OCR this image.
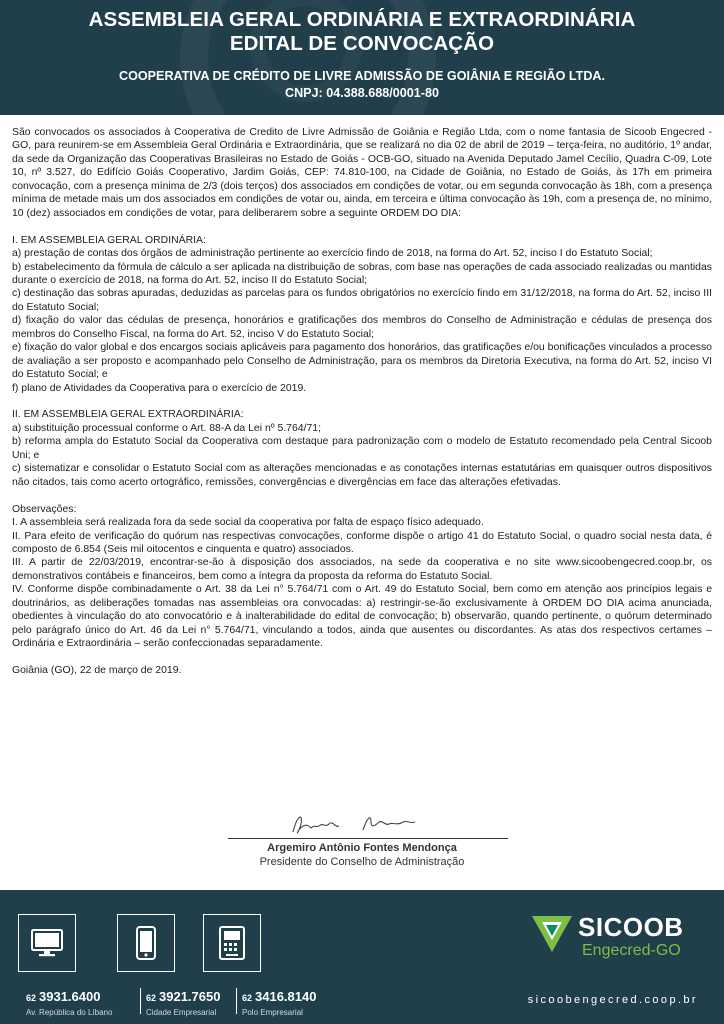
ASSEMBLEIA GERAL ORDINÁRIA E EXTRAORDINÁRIA
EDITAL DE CONVOCAÇÃO
COOPERATIVA DE CRÉDITO DE LIVRE ADMISSÃO DE GOIÂNIA E REGIÃO LTDA.
CNPJ: 04.388.688/0001-80

São convocados os associados à Cooperativa de Credito de Livre Admissão de Goiânia e Região Ltda, com o nome fantasia de Sicoob Engecred - GO, para reunirem-se em Assembleia Geral Ordinária e Extraordinária, que se realizará no dia 02 de abril de 2019 – terça-feira, no auditório, 1º andar, da sede da Organização das Cooperativas Brasileiras no Estado de Goiás - OCB-GO, situado na Avenida Deputado Jamel Cecílio, Quadra C-09, Lote 10, nº 3.527, do Edifício Goiás Cooperativo, Jardim Goiás, CEP: 74.810-100, na Cidade de Goiânia, no Estado de Goiás, às 17h em primeira convocação, com a presença mínima de 2/3 (dois terços) dos associados em condições de votar, ou em segunda convocação às 18h, com a presença mínima de metade mais um dos associados em condições de votar ou, ainda, em terceira e última convocação às 19h, com a presença de, no mínimo, 10 (dez) associados em condições de votar, para deliberarem sobre a seguinte ORDEM DO DIA:

I. EM ASSEMBLEIA GERAL ORDINÁRIA:

a) prestação de contas dos órgãos de administração pertinente ao exercício findo de 2018, na forma do Art. 52, inciso I do Estatuto Social;

b) estabelecimento da fórmula de cálculo a ser aplicada na distribuição de sobras, com base nas operações de cada associado realizadas ou mantidas durante o exercício de 2018, na forma do Art. 52, inciso II do Estatuto Social;

c) destinação das sobras apuradas, deduzidas as parcelas para os fundos obrigatórios no exercício findo em 31/12/2018, na forma do Art. 52, inciso III do Estatuto Social;

d) fixação do valor das cédulas de presença, honorários e gratificações dos membros do Conselho de Administração e cédulas de presença dos membros do Conselho Fiscal, na forma do Art. 52, inciso V do Estatuto Social;

e) fixação do valor global e dos encargos sociais aplicáveis para pagamento dos honorários, das gratificações e/ou bonificações vinculados a processo de avaliação a ser proposto e acompanhado pelo Conselho de Administração, para os membros da Diretoria Executiva, na forma do Art. 52, inciso VI do Estatuto Social; e

f) plano de Atividades da Cooperativa para o exercício de 2019.

II. EM ASSEMBLEIA GERAL EXTRAORDINÁRIA:

a) substituição processual conforme o Art. 88-A da Lei nº 5.764/71;

b) reforma ampla do Estatuto Social da Cooperativa com destaque para padronização com o modelo de Estatuto recomendado pela Central Sicoob Uni; e

c) sistematizar e consolidar o Estatuto Social com as alterações mencionadas e as conotações internas estatutárias em quaisquer outros dispositivos não citados, tais como acerto ortográfico, remissões, convergências e divergências em face das alterações efetivadas.

Observações:

I. A assembleia será realizada fora da sede social da cooperativa por falta de espaço físico adequado.

II. Para efeito de verificação do quórum nas respectivas convocações, conforme dispõe o artigo 41 do Estatuto Social, o quadro social nesta data, é composto de 6.854 (Seis mil oitocentos e cinquenta e quatro) associados.

III. A partir de 22/03/2019, encontrar-se-ão à disposição dos associados, na sede da cooperativa e no site www.sicoobengecred.coop.br, os demonstrativos contábeis e financeiros, bem como a íntegra da proposta da reforma do Estatuto Social.

IV. Conforme dispõe combinadamente o Art. 38 da Lei n° 5.764/71 com o Art. 49 do Estatuto Social, bem como em atenção aos princípios legais e doutrinários, as deliberações tomadas nas assembleias ora convocadas: a) restringir-se-ão exclusivamente à ORDEM DO DIA acima anunciada, obedientes à vinculação do ato convocatório e à inalterabilidade do edital de convocação; b) observarão, quando pertinente, o quórum determinado pelo parágrafo único do Art. 46 da Lei n° 5.764/71, vinculando a todos, ainda que ausentes ou discordantes. As atas dos respectivos certames – Ordinária e Extraordinária – serão confeccionadas separadamente.

Goiânia (GO), 22 de março de 2019.

Argemiro Antônio Fontes Mendonça
Presidente do Conselho de Administração
SICOOB
Engecred-GO
62 3931.6400
Av. República do Líbano
62 3921.7650
Cidade Empresarial
62 3416.8140
Polo Empresarial
sicoobengecred.coop.br
